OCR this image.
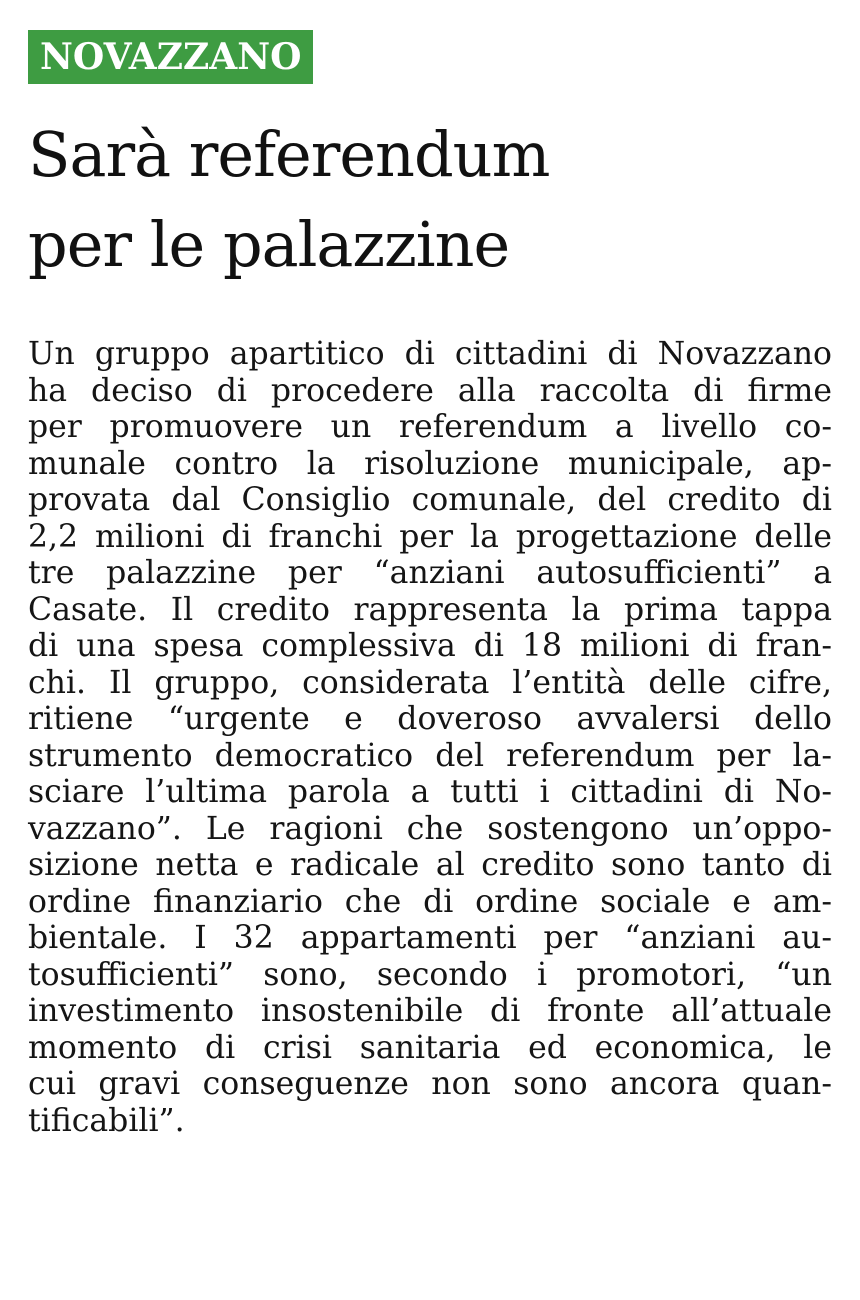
NOVAZZANO
Sarà referendum
per le palazzine
Un gruppo apartitico di cittadini di Novazzano
ha deciso di procedere alla raccolta di firme
per promuovere un referendum a livello co-
munale contro la risoluzione municipale, ap-
provata dal Consiglio comunale, del credito di
2,2 milioni di franchi per la progettazione delle
tre palazzine per “anziani autosufficienti” a
Casate. Il credito rappresenta la prima tappa
di una spesa complessiva di 18 milioni di fran-
chi. Il gruppo, considerata l’entità delle cifre,
ritiene “urgente e doveroso avvalersi dello
strumento democratico del referendum per la-
sciare l’ultima parola a tutti i cittadini di No-
vazzano”. Le ragioni che sostengono un’oppo-
sizione netta e radicale al credito sono tanto di
ordine finanziario che di ordine sociale e am-
bientale. I 32 appartamenti per “anziani au-
tosufficienti” sono, secondo i promotori, “un
investimento insostenibile di fronte all’attuale
momento di crisi sanitaria ed economica, le
cui gravi conseguenze non sono ancora quan-
tificabili”.
